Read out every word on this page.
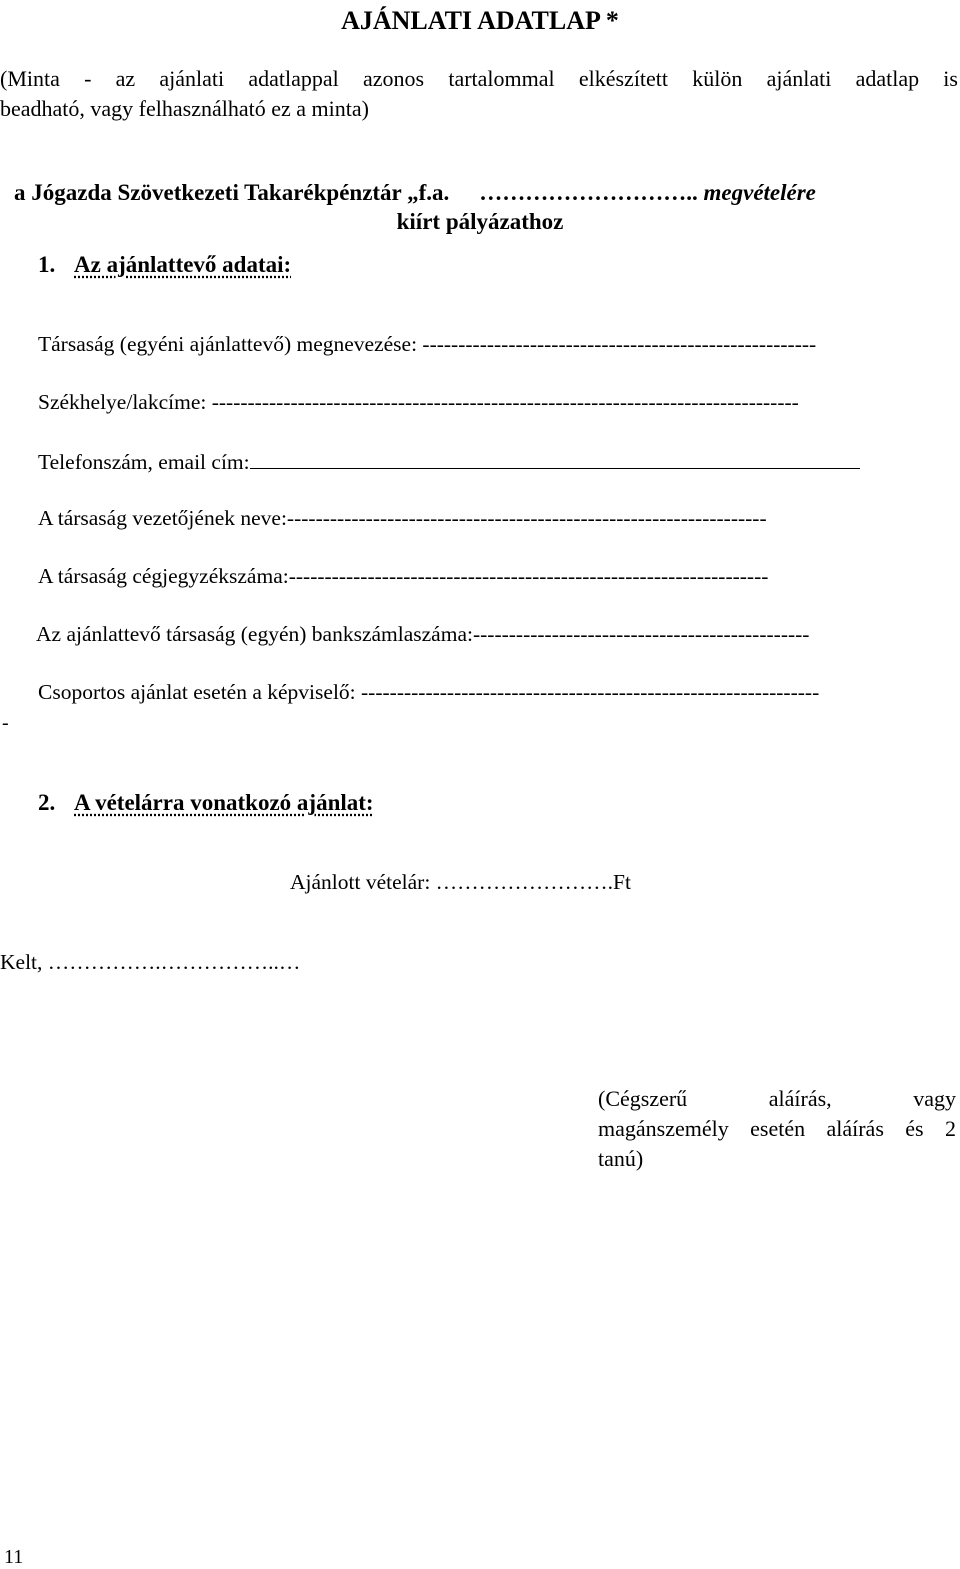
AJÁNLATI ADATLAP *
(Minta - az ajánlati adatlappal azonos tartalommal elkészített külön ajánlati adatlap is
beadható, vagy felhasználható ez a minta)
a Jógazda Szövetkezeti Takarékpénztár „f.a. ……………………….. megvételére
kiírt pályázathoz
1. Az ajánlattevő adatai:
Társaság (egyéni ajánlattevő) megnevezése: -------------------------------------------------------
Székhelye/lakcíme: ----------------------------------------------------------------------------------
Telefonszám, email cím:
A társaság vezetőjének neve:-------------------------------------------------------------------
A társaság cégjegyzékszáma:-------------------------------------------------------------------
Az ajánlattevő társaság (egyén) bankszámlaszáma:-----------------------------------------------
Csoportos ajánlat esetén a képviselő: ----------------------------------------------------------------
-
2. A vételárra vonatkozó ajánlat:
Ajánlott vételár: …………………….Ft
Kelt, …………….……………..…
(Cégszerű aláírás, vagy
magánszemély esetén aláírás és 2
tanú)
11
